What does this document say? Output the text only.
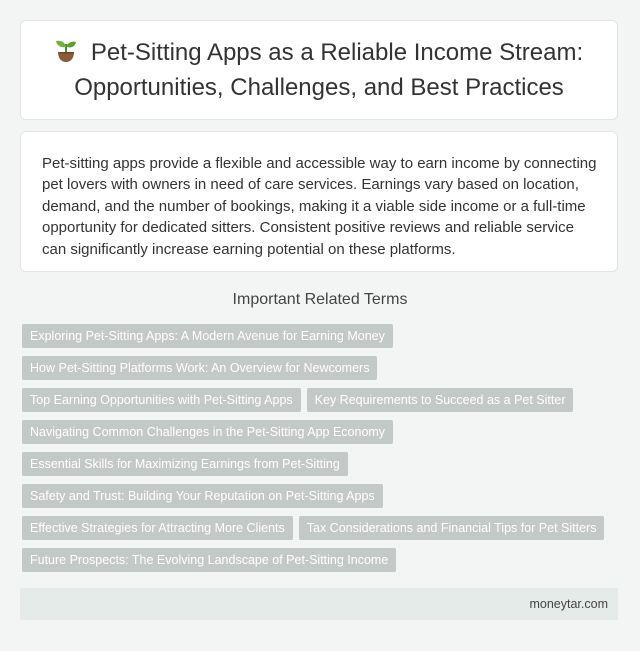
Pet-Sitting Apps as a Reliable Income Stream: Opportunities, Challenges, and Best Practices

Pet-sitting apps provide a flexible and accessible way to earn income by connecting pet lovers with owners in need of care services. Earnings vary based on location, demand, and the number of bookings, making it a viable side income or a full-time opportunity for dedicated sitters. Consistent positive reviews and reliable service can significantly increase earning potential on these platforms.

Important Related Terms
Exploring Pet-Sitting Apps: A Modern Avenue for Earning Money
How Pet-Sitting Platforms Work: An Overview for Newcomers
Top Earning Opportunities with Pet-Sitting Apps	Key Requirements to Succeed as a Pet Sitter
Navigating Common Challenges in the Pet-Sitting App Economy
Essential Skills for Maximizing Earnings from Pet-Sitting
Safety and Trust: Building Your Reputation on Pet-Sitting Apps
Effective Strategies for Attracting More Clients	Tax Considerations and Financial Tips for Pet Sitters
Future Prospects: The Evolving Landscape of Pet-Sitting Income
moneytar.com
